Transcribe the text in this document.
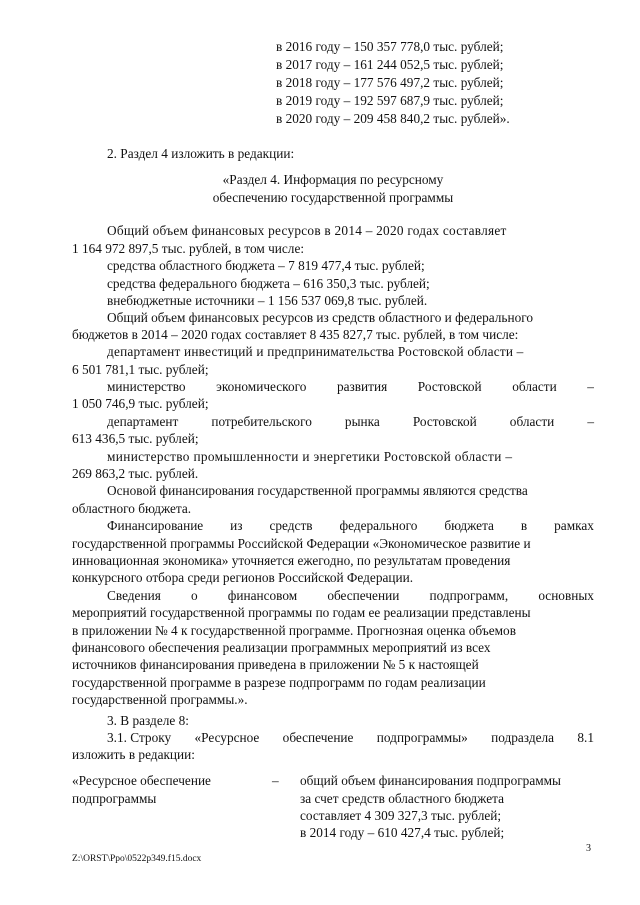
в 2016 году – 150 357 778,0 тыс. рублей;
в 2017 году – 161 244 052,5 тыс. рублей;
в 2018 году – 177 576 497,2 тыс. рублей;
в 2019 году – 192 597 687,9 тыс. рублей;
в 2020 году – 209 458 840,2 тыс. рублей».
2. Раздел 4 изложить в редакции:
«Раздел 4. Информация по ресурсному
обеспечению государственной программы
Общий объем финансовых ресурсов в 2014 – 2020 годах составляет
1 164 972 897,5 тыс. рублей, в том числе:
средства областного бюджета – 7 819 477,4 тыс. рублей;
средства федерального бюджета – 616 350,3 тыс. рублей;
внебюджетные источники – 1 156 537 069,8 тыс. рублей.
Общий объем финансовых ресурсов из средств областного и федерального
бюджетов в 2014 – 2020 годах составляет 8 435 827,7 тыс. рублей, в том числе:
департамент инвестиций и предпринимательства Ростовской области –
6 501 781,1 тыс. рублей;
министерство экономического развития Ростовской области –
1 050 746,9 тыс. рублей;
департамент потребительского рынка Ростовской области –
613 436,5 тыс. рублей;
министерство промышленности и энергетики Ростовской области –
269 863,2 тыс. рублей.
Основой финансирования государственной программы являются средства
областного бюджета.
Финансирование из средств федерального бюджета в рамках
государственной программы Российской Федерации «Экономическое развитие и
инновационная экономика» уточняется ежегодно, по результатам проведения
конкурсного отбора среди регионов Российской Федерации.
Сведения о финансовом обеспечении подпрограмм, основных
мероприятий государственной программы по годам ее реализации представлены
в приложении № 4 к государственной программе. Прогнозная оценка объемов
финансового обеспечения реализации программных мероприятий из всех
источников финансирования приведена в приложении № 5 к настоящей
государственной программе в разрезе подпрограмм по годам реализации
государственной программы.».
3. В разделе 8:
3.1. Строку «Ресурсное обеспечение подпрограммы» подраздела 8.1
изложить в редакции:
«Ресурсное обеспечение
подпрограммы
– общий объем финансирования подпрограммы
за счет средств областного бюджета
составляет 4 309 327,3 тыс. рублей;
в 2014 году – 610 427,4 тыс. рублей;
3
Z:\ORST\Ppo\0522p349.f15.docx
